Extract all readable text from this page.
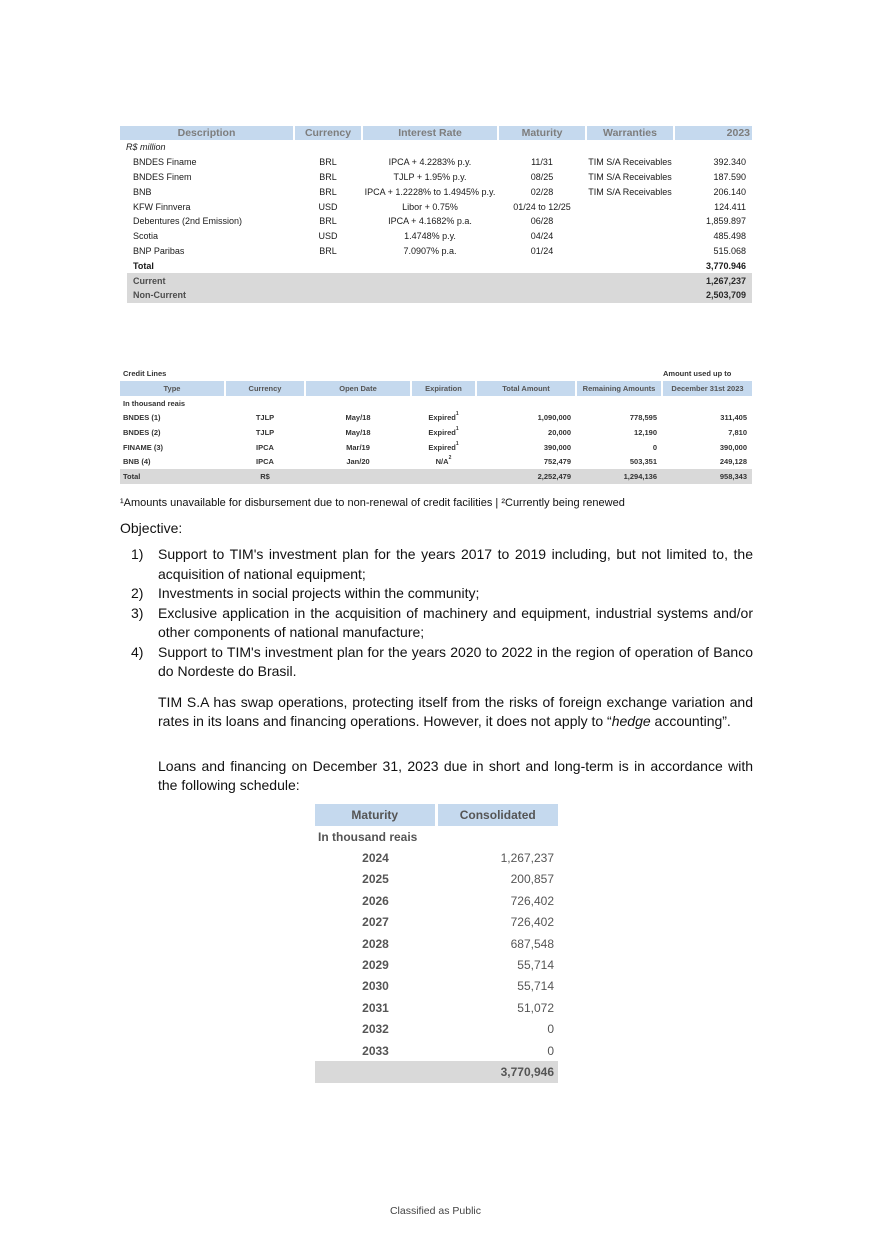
Description	Currency	Interest Rate	Maturity	Warranties	2023
R$ million					
BNDES Finame	BRL	IPCA + 4.2283% p.y.	11/31	TIM S/A Receivables	392.340
BNDES Finem	BRL	TJLP + 1.95% p.y.	08/25	TIM S/A Receivables	187.590
BNB	BRL	IPCA + 1.2228% to 1.4945% p.y.	02/28	TIM S/A Receivables	206.140
KFW Finnvera	USD	Libor + 0.75%	01/24 to 12/25		124.411
Debentures (2nd Emission)	BRL	IPCA + 4.1682% p.a.	06/28		1,859.897
Scotia	USD	1.4748% p.y.	04/24		485.498
BNP Paribas	BRL	7.0907% p.a.	01/24		515.068
Total					3,770.946
Current					1,267,237
Non-Current					2,503,709
Credit Lines	Amount used up to
Type	Currency	Open Date	Expiration	Total Amount	Remaining Amounts	December 31st 2023
In thousand reais						
BNDES (1)	TJLP	May/18	Expired$^1$	1,090,000	778,595	311,405
BNDES (2)	TJLP	May/18	Expired$^1$	20,000	12,190	7,810
FINAME (3)	IPCA	Mar/19	Expired$^1$	390,000	0	390,000
BNB (4)	IPCA	Jan/20	$N/A^2$	752,479	503,351	249,128
Total	R$			2,252,479	1,294,136	958,343
¹Amounts unavailable for disbursement due to non-renewal of credit facilities | ²Currently being renewed
Objective:
1) Support to TIM's investment plan for the years 2017 to 2019 including, but not limited to, the acquisition of national equipment;
2) Investments in social projects within the community;
3) Exclusive application in the acquisition of machinery and equipment, industrial systems and/or other components of national manufacture;
4) Support to TIM's investment plan for the years 2020 to 2022 in the region of operation of Banco do Nordeste do Brasil.

TIM S.A has swap operations, protecting itself from the risks of foreign exchange variation and rates in its loans and financing operations. However, it does not apply to “hedge accounting”.

Loans and financing on December 31, 2023 due in short and long-term is in accordance with the following schedule:

Maturity	Consolidated
In thousand reais	
2024	1,267,237
2025	200,857
2026	726,402
2027	726,402
2028	687,548
2029	55,714
2030	55,714
2031	51,072
2032	0
2033	0
	3,770,946
Classified as Public
